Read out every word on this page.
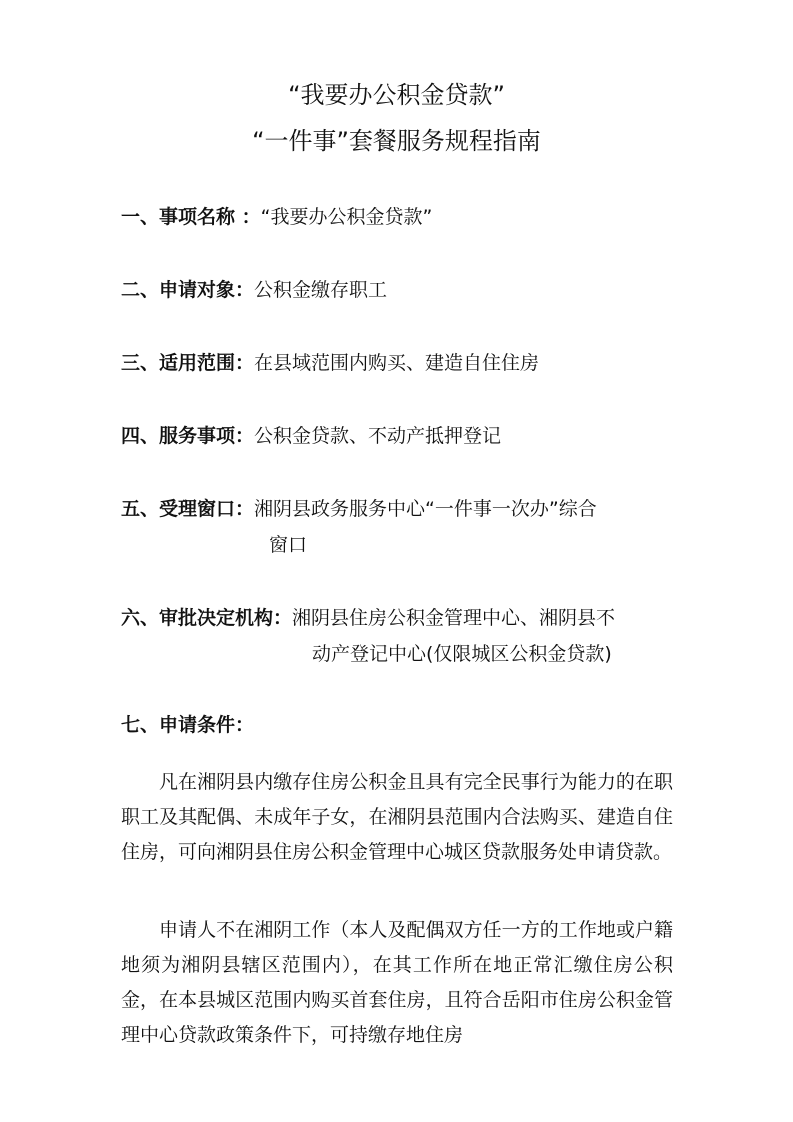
“我要办公积金贷款”
“一件事”套餐服务规程指南
一、事项名称 ：“我要办公积金贷款”
二、申请对象：公积金缴存职工
三、适用范围：在县域范围内购买、建造自住住房
四、服务事项：公积金贷款、不动产抵押登记
五、受理窗口：湘阴县政务服务中心“一件事一次办”综合
窗口
六、审批决定机构：湘阴县住房公积金管理中心、湘阴县不
动产登记中心(仅限城区公积金贷款)
七、申请条件：
凡在湘阴县内缴存住房公积金且具有完全民事行为能力的在职职工及其配偶、未成年子女，在湘阴县范围内合法购买、建造自住住房，可向湘阴县住房公积金管理中心城区贷款服务处申请贷款。
申请人不在湘阴工作（本人及配偶双方任一方的工作地或户籍地须为湘阴县辖区范围内），在其工作所在地正常汇缴住房公积金，在本县城区范围内购买首套住房，且符合岳阳市住房公积金管理中心贷款政策条件下，可持缴存地住房
